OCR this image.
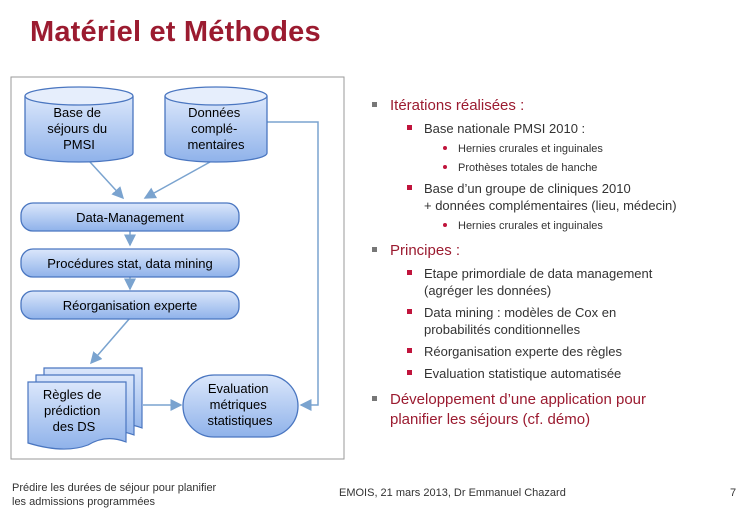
Matériel et Méthodes
Base de séjours du PMSI
Données complé- mentaires
Data-Management
Procédures stat, data mining
Réorganisation experte
Règles de prédiction des DS
Evaluation métriques statistiques
Itérations réalisées :
Base nationale PMSI 2010 :
Hernies crurales et inguinales
Prothèses totales de hanche
Base d’un groupe de cliniques 2010
+ données complémentaires (lieu, médecin)
Hernies crurales et inguinales
Principes :
Etape primordiale de data management
(agréger les données)
Data mining : modèles de Cox en
probabilités conditionnelles
Réorganisation experte des règles
Evaluation statistique automatisée
Développement d’une application pour
planifier les séjours (cf. démo)
Prédire les durées de séjour pour planifier
les admissions programmées
EMOIS, 21 mars 2013, Dr Emmanuel Chazard	7
